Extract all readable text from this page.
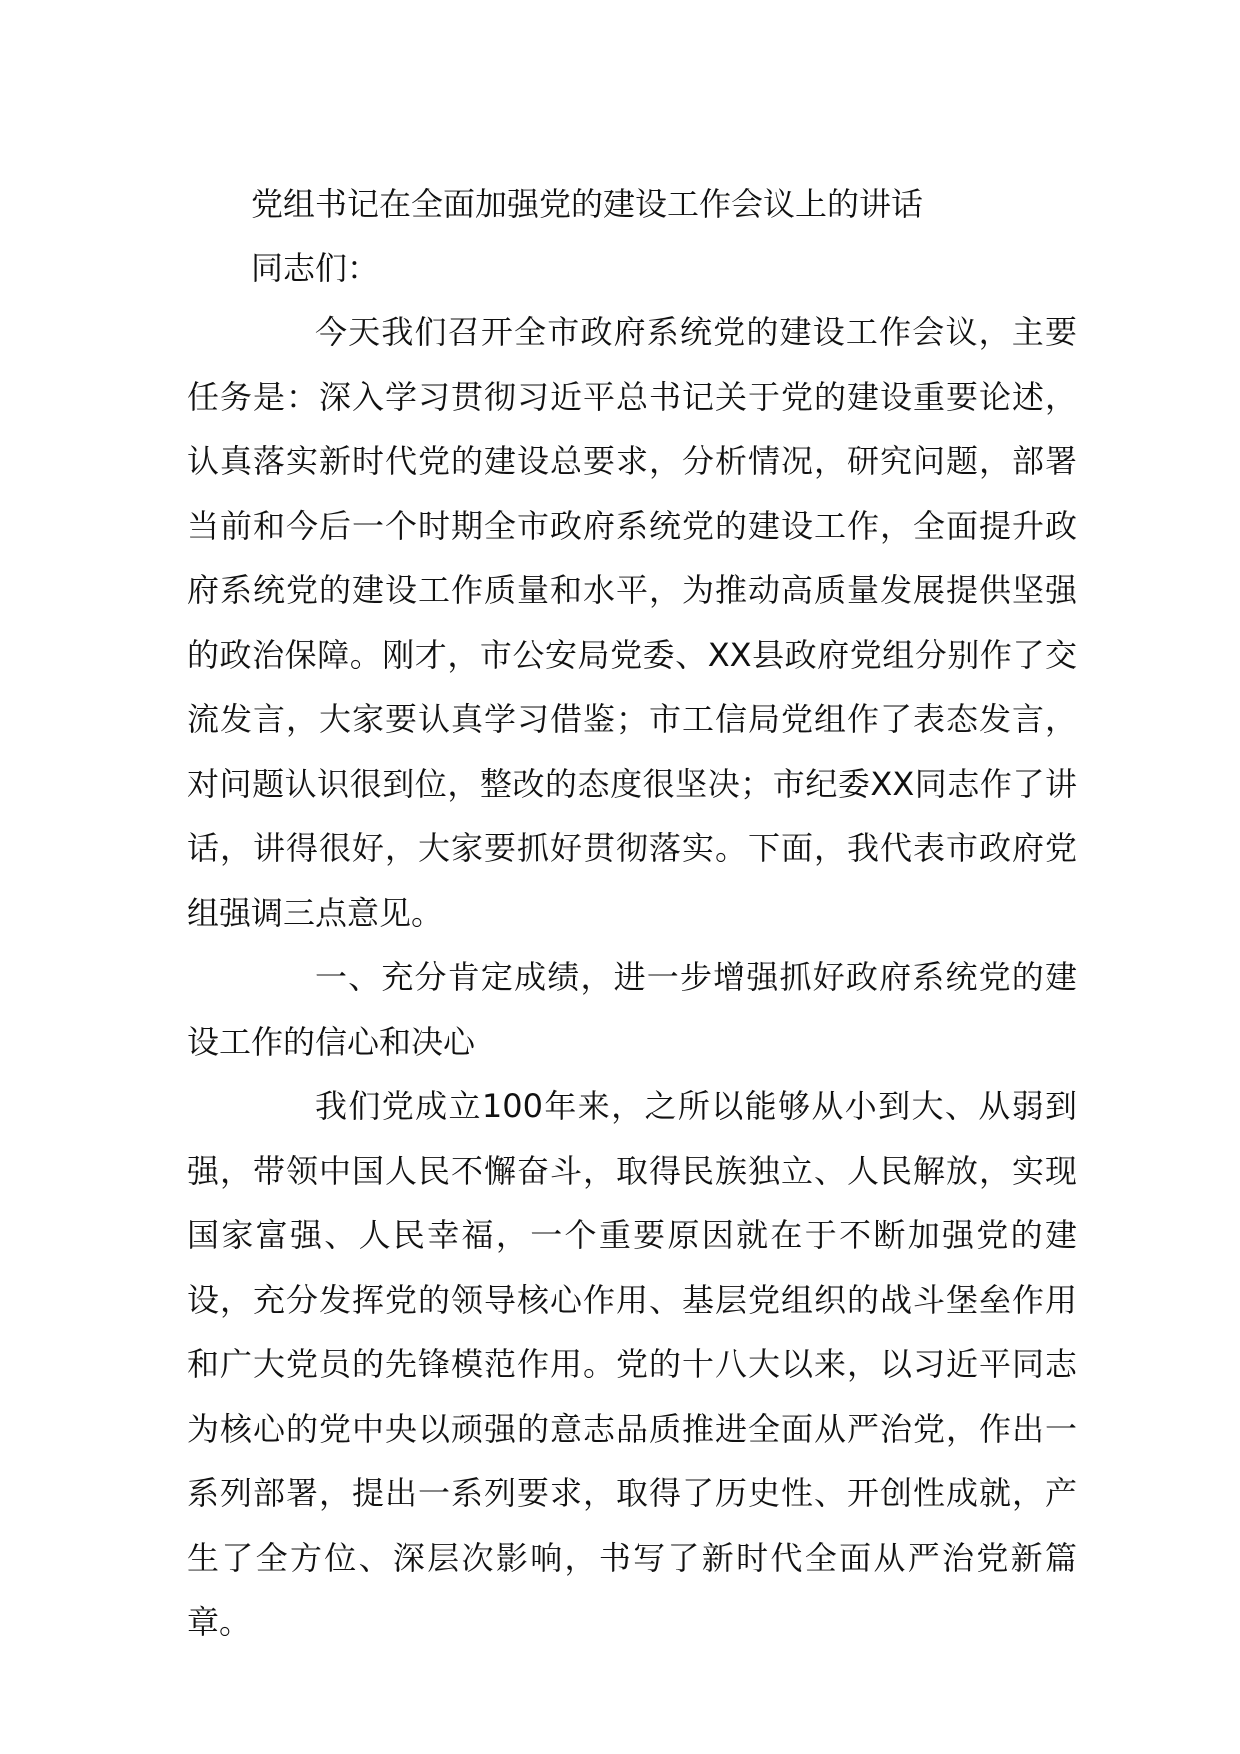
党组书记在全面加强党的建设工作会议上的讲话

同志们：

今天我们召开全市政府系统党的建设工作会议，主要任务是：深入学习贯彻习近平总书记关于党的建设重要论述，认真落实新时代党的建设总要求，分析情况，研究问题，部署当前和今后一个时期全市政府系统党的建设工作，全面提升政府系统党的建设工作质量和水平，为推动高质量发展提供坚强的政治保障。刚才，市公安局党委、XX县政府党组分别作了交流发言，大家要认真学习借鉴；市工信局党组作了表态发言，对问题认识很到位，整改的态度很坚决；市纪委XX同志作了讲话，讲得很好，大家要抓好贯彻落实。下面，我代表市政府党组强调三点意见。

一、充分肯定成绩，进一步增强抓好政府系统党的建设工作的信心和决心

我们党成立100年来，之所以能够从小到大、从弱到强，带领中国人民不懈奋斗，取得民族独立、人民解放，实现国家富强、人民幸福，一个重要原因就在于不断加强党的建设，充分发挥党的领导核心作用、基层党组织的战斗堡垒作用和广大党员的先锋模范作用。党的十八大以来，以习近平同志为核心的党中央以顽强的意志品质推进全面从严治党，作出一系列部署，提出一系列要求，取得了历史性、开创性成就，产生了全方位、深层次影响，书写了新时代全面从严治党新篇章。
